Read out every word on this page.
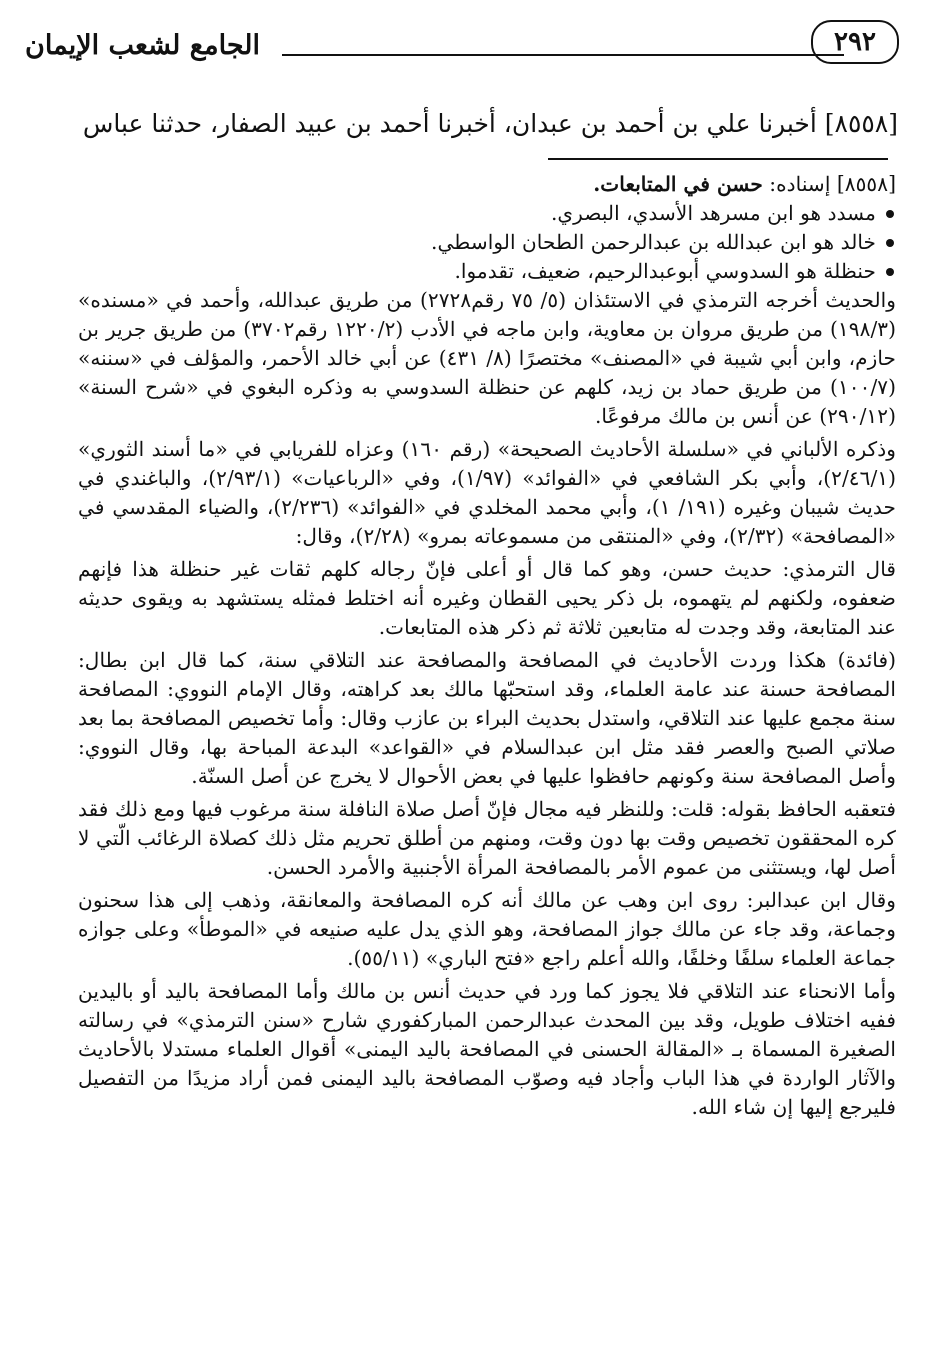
٢٩٢
الجامع لشعب الإيمان
[٨٥٥٨] أخبرنا علي بن أحمد بن عبدان، أخبرنا أحمد بن عبيد الصفار، حدثنا عباس

[٨٥٥٨] إسناده: حسن في المتابعات.

مسدد هو ابن مسرهد الأسدي، البصري.
خالد هو ابن عبدالله بن عبدالرحمن الطحان الواسطي.
حنظلة هو السدوسي أبوعبدالرحيم، ضعيف، تقدموا.

والحديث أخرجه الترمذي في الاستئذان (٥/ ٧٥ رقم٢٧٢٨) من طريق عبدالله، وأحمد في «مسنده» (١٩٨/٣) من طريق مروان بن معاوية، وابن ماجه في الأدب (١٢٢٠/٢ رقم٣٧٠٢) من طريق جرير بن حازم، وابن أبي شيبة في «المصنف» مختصرًا (٨/ ٤٣١) عن أبي خالد الأحمر، والمؤلف في «سننه» (١٠٠/٧) من طريق حماد بن زيد، كلهم عن حنظلة السدوسي به وذكره البغوي في «شرح السنة» (٢٩٠/١٢) عن أنس بن مالك مرفوعًا.

وذكره الألباني في «سلسلة الأحاديث الصحيحة» (رقم ١٦٠) وعزاه للفريابي في «ما أسند الثوري» (٢/٤٦/١)، وأبي بكر الشافعي في «الفوائد» (١/٩٧)، وفي «الرباعيات» (٢/٩٣/١)، والباغندي في حديث شيبان وغيره (١٩١/ ١)، وأبي محمد المخلدي في «الفوائد» (٢/٢٣٦)، والضياء المقدسي في «المصافحة» (٢/٣٢)، وفي «المنتقى من مسموعاته بمرو» (٢/٢٨)، وقال:

قال الترمذي: حديث حسن، وهو كما قال أو أعلى فإنّ رجاله كلهم ثقات غير حنظلة هذا فإنهم ضعفوه، ولكنهم لم يتهموه، بل ذكر يحيى القطان وغيره أنه اختلط فمثله يستشهد به ويقوى حديثه عند المتابعة، وقد وجدت له متابعين ثلاثة ثم ذكر هذه المتابعات.

(فائدة) هكذا وردت الأحاديث في المصافحة والمصافحة عند التلاقي سنة، كما قال ابن بطال: المصافحة حسنة عند عامة العلماء، وقد استحبّها مالك بعد كراهته، وقال الإمام النووي: المصافحة سنة مجمع عليها عند التلاقي، واستدل بحديث البراء بن عازب وقال: وأما تخصيص المصافحة بما بعد صلاتي الصبح والعصر فقد مثل ابن عبدالسلام في «القواعد» البدعة المباحة بها، وقال النووي: وأصل المصافحة سنة وكونهم حافظوا عليها في بعض الأحوال لا يخرج عن أصل السنّة.

فتعقبه الحافظ بقوله: قلت: وللنظر فيه مجال فإنّ أصل صلاة النافلة سنة مرغوب فيها ومع ذلك فقد كره المحققون تخصيص وقت بها دون وقت، ومنهم من أطلق تحريم مثل ذلك كصلاة الرغائب الّتي لا أصل لها، ويستثنى من عموم الأمر بالمصافحة المرأة الأجنبية والأمرد الحسن.

وقال ابن عبدالبر: روى ابن وهب عن مالك أنه كره المصافحة والمعانقة، وذهب إلى هذا سحنون وجماعة، وقد جاء عن مالك جواز المصافحة، وهو الذي يدل عليه صنيعه في «الموطأ» وعلى جوازه جماعة العلماء سلفًا وخلفًا، والله أعلم راجع «فتح الباري» (٥٥/١١).

وأما الانحناء عند التلاقي فلا يجوز كما ورد في حديث أنس بن مالك وأما المصافحة باليد أو باليدين ففيه اختلاف طويل، وقد بين المحدث عبدالرحمن المباركفوري شارح «سنن الترمذي» في رسالته الصغيرة المسماة بـ «المقالة الحسنى في المصافحة باليد اليمنى» أقوال العلماء مستدلا بالأحاديث والآثار الواردة في هذا الباب وأجاد فيه وصوّب المصافحة باليد اليمنى فمن أراد مزيدًا من التفصيل فليرجع إليها إن شاء الله.
